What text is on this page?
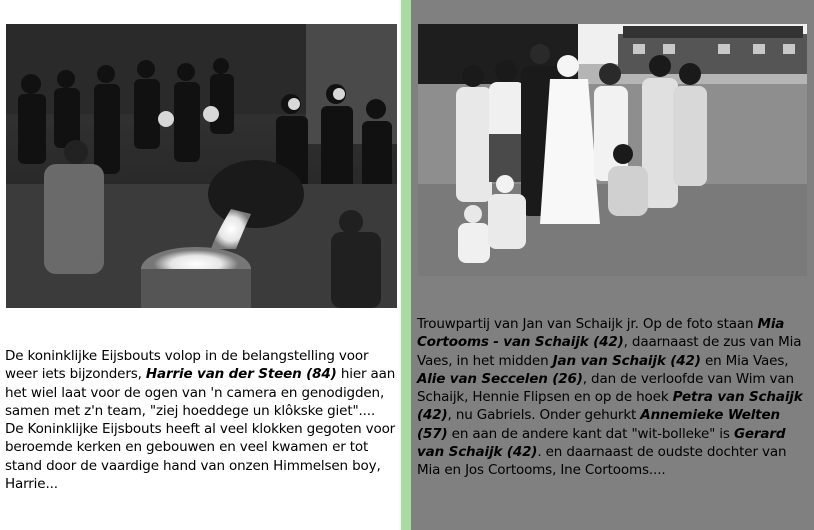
De koninklijke Eijsbouts volop in de belangstelling voor weer iets bijzonders, Harrie van der Steen (84) hier aan het wiel laat voor de ogen van 'n camera en genodigden, samen met z'n team, "ziej hoeddege un klôkske giet".... De Koninklijke Eijsbouts heeft al veel klokken gegoten voor beroemde kerken en gebouwen en veel kwamen er tot stand door de vaardige hand van onzen Himmelsen boy, Harrie...
Trouwpartij van Jan van Schaijk jr. Op de foto staan Mia Cortooms - van Schaijk (42), daarnaast de zus van Mia Vaes, in het midden Jan van Schaijk (42) en Mia Vaes, Alie van Seccelen (26), dan de verloofde van Wim van Schaijk, Hennie Flipsen en op de hoek Petra van Schaijk (42), nu Gabriels. Onder gehurkt Annemieke Welten (57) en aan de andere kant dat "wit-bolleke" is Gerard van Schaijk (42). en daarnaast de oudste dochter van Mia en Jos Cortooms, Ine Cortooms....
